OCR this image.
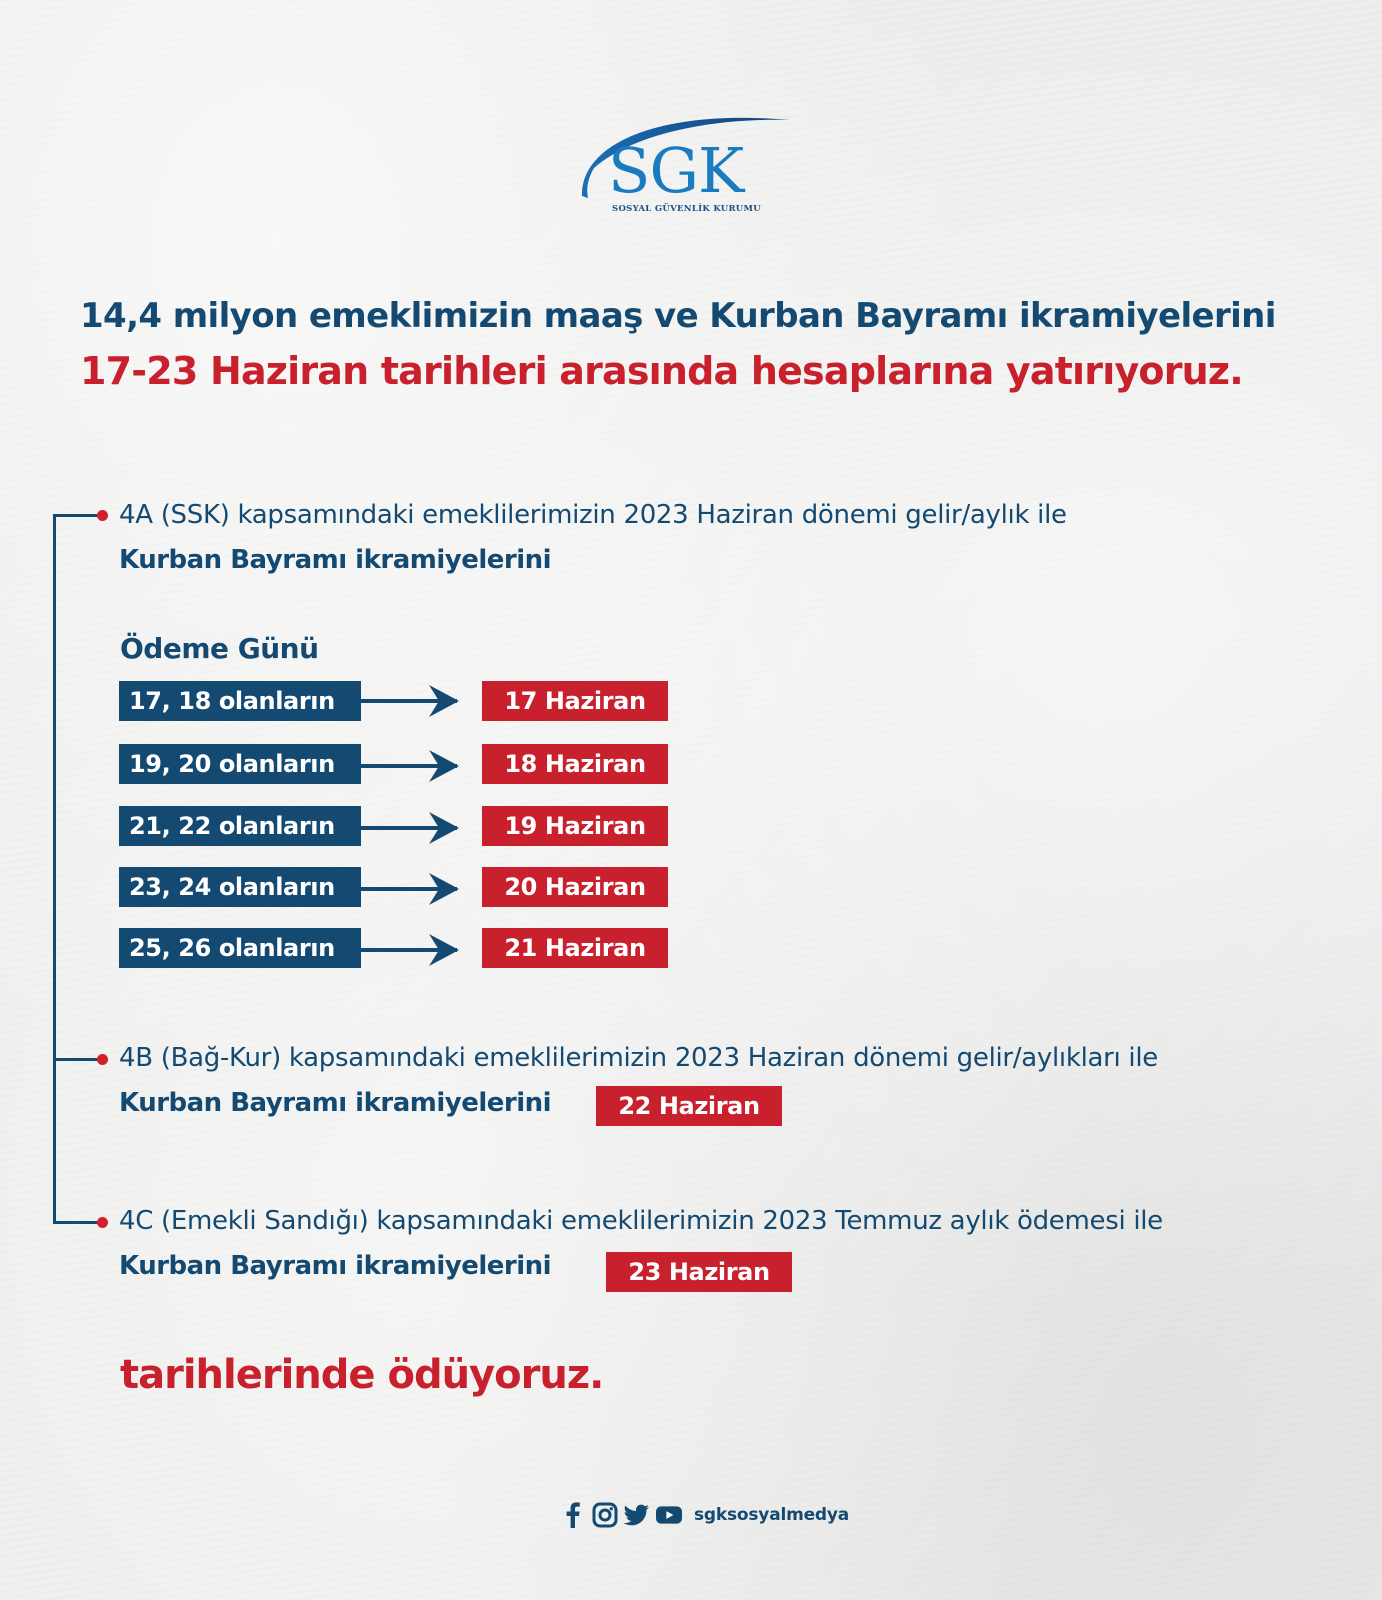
SGK
SOSYAL GÜVENLİK KURUMU
14,4 milyon emeklimizin maaş ve Kurban Bayramı ikramiyelerini
17-23 Haziran tarihleri arasında hesaplarına yatırıyoruz.
4A (SSK) kapsamındaki emeklilerimizin 2023 Haziran dönemi gelir/aylık ile
Kurban Bayramı ikramiyelerini
Ödeme Günü
17, 18 olanların	17 Haziran
19, 20 olanların	18 Haziran
21, 22 olanların	19 Haziran
23, 24 olanların	20 Haziran
25, 26 olanların	21 Haziran
4B (Bağ-Kur) kapsamındaki emeklilerimizin 2023 Haziran dönemi gelir/aylıkları ile
Kurban Bayramı ikramiyelerini	22 Haziran
4C (Emekli Sandığı) kapsamındaki emeklilerimizin 2023 Temmuz aylık ödemesi ile
Kurban Bayramı ikramiyelerini	23 Haziran
tarihlerinde ödüyoruz.
sgksosyalmedya
